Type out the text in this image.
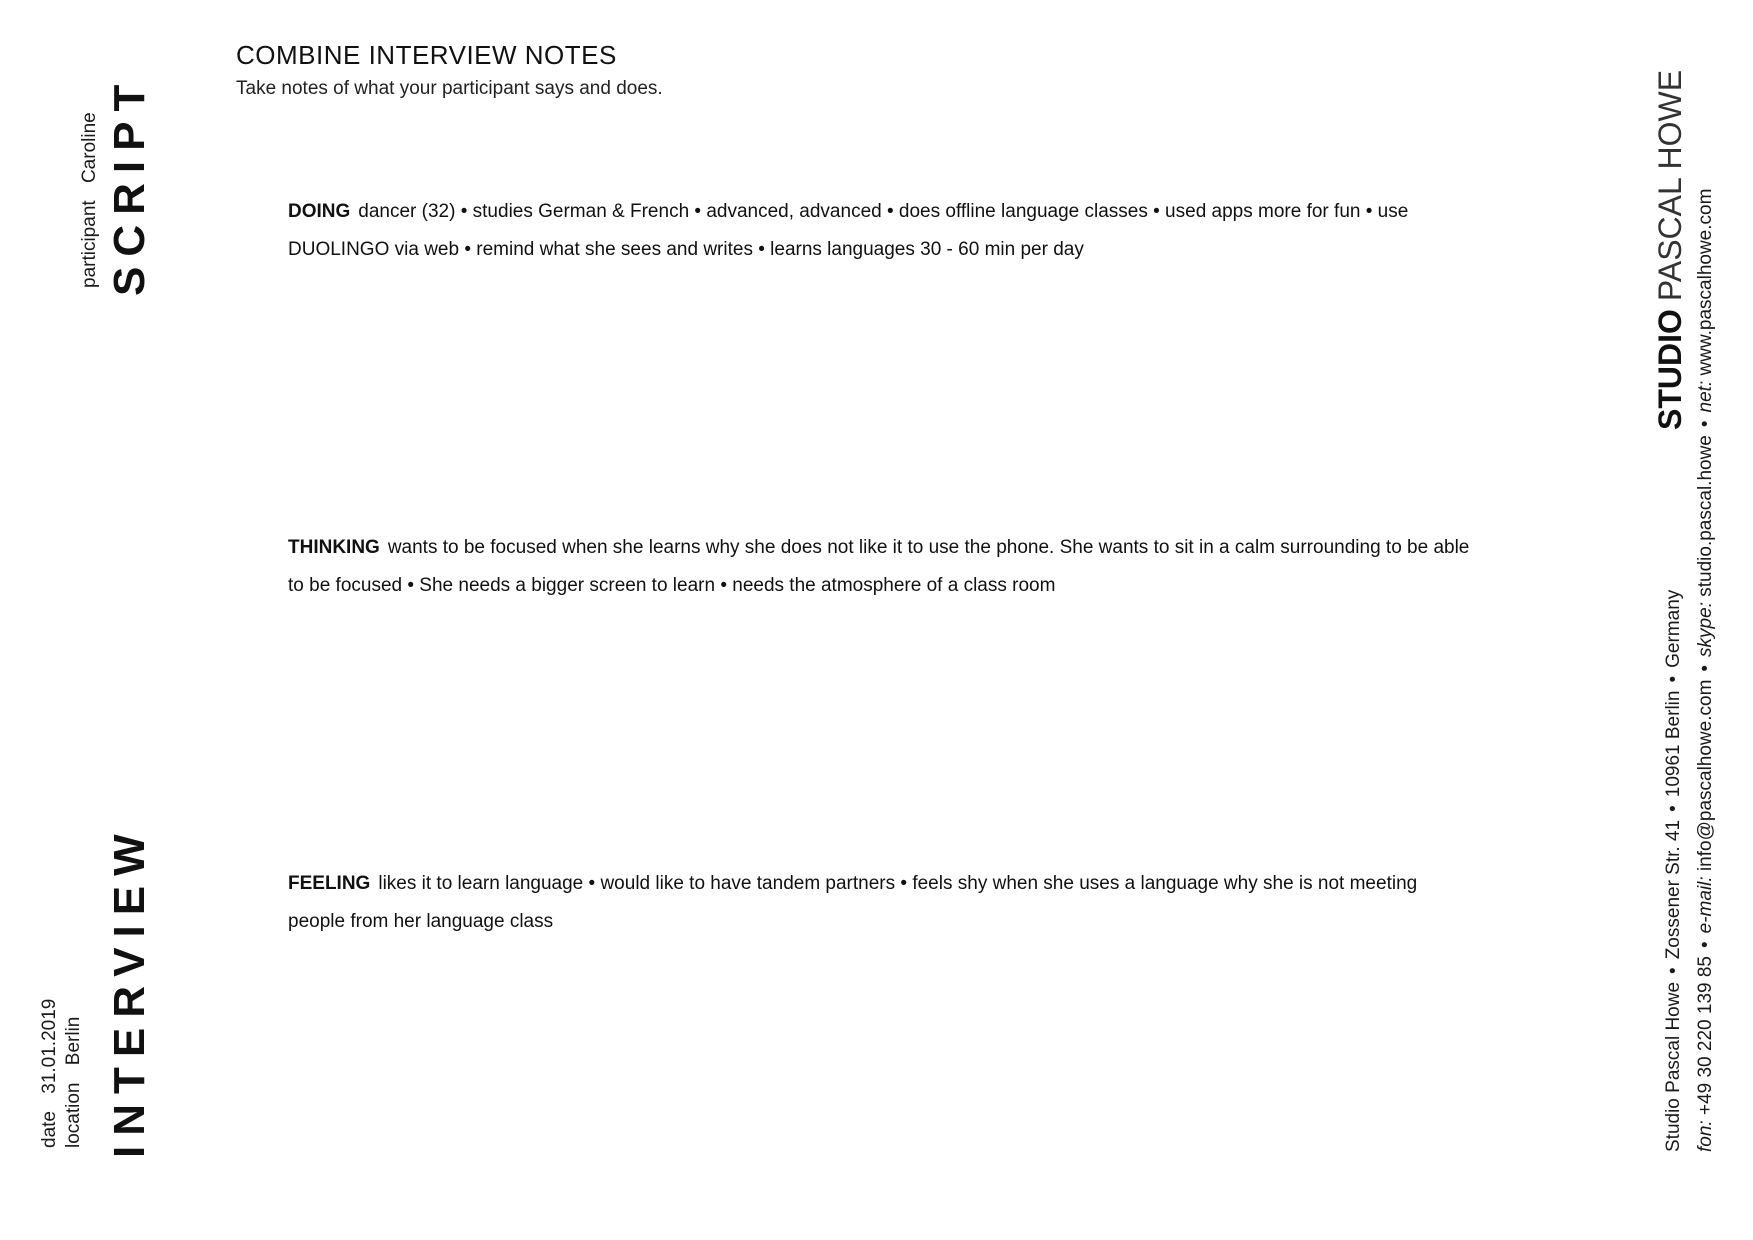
participant Caroline SCRIPT
date 31.01.2019
location Berlin INTERVIEW
COMBINE INTERVIEW NOTES

Take notes of what your participant says and does.

DOING dancer (32) • studies German & French • advanced, advanced • does offline language classes • used apps more for fun • use DUOLINGO via web • remind what she sees and writes • learns languages 30 - 60 min per day
THINKING wants to be focused when she learns why she does not like it to use the phone. She wants to sit in a calm surrounding to be able to be focused • She needs a bigger screen to learn • needs the atmosphere of a class room
FEELING likes it to learn language • would like to have tandem partners • feels shy when she uses a language why she is not meeting people from her language class
STUDIOPASCAL HOWE
Studio Pascal Howe•Zossener Str. 41•10961 Berlin•Germany
fon: +49 30 220 139 85•e-mail: info@pascalhowe.com•skype: studio.pascal.howe•net: www.pascalhowe.com
